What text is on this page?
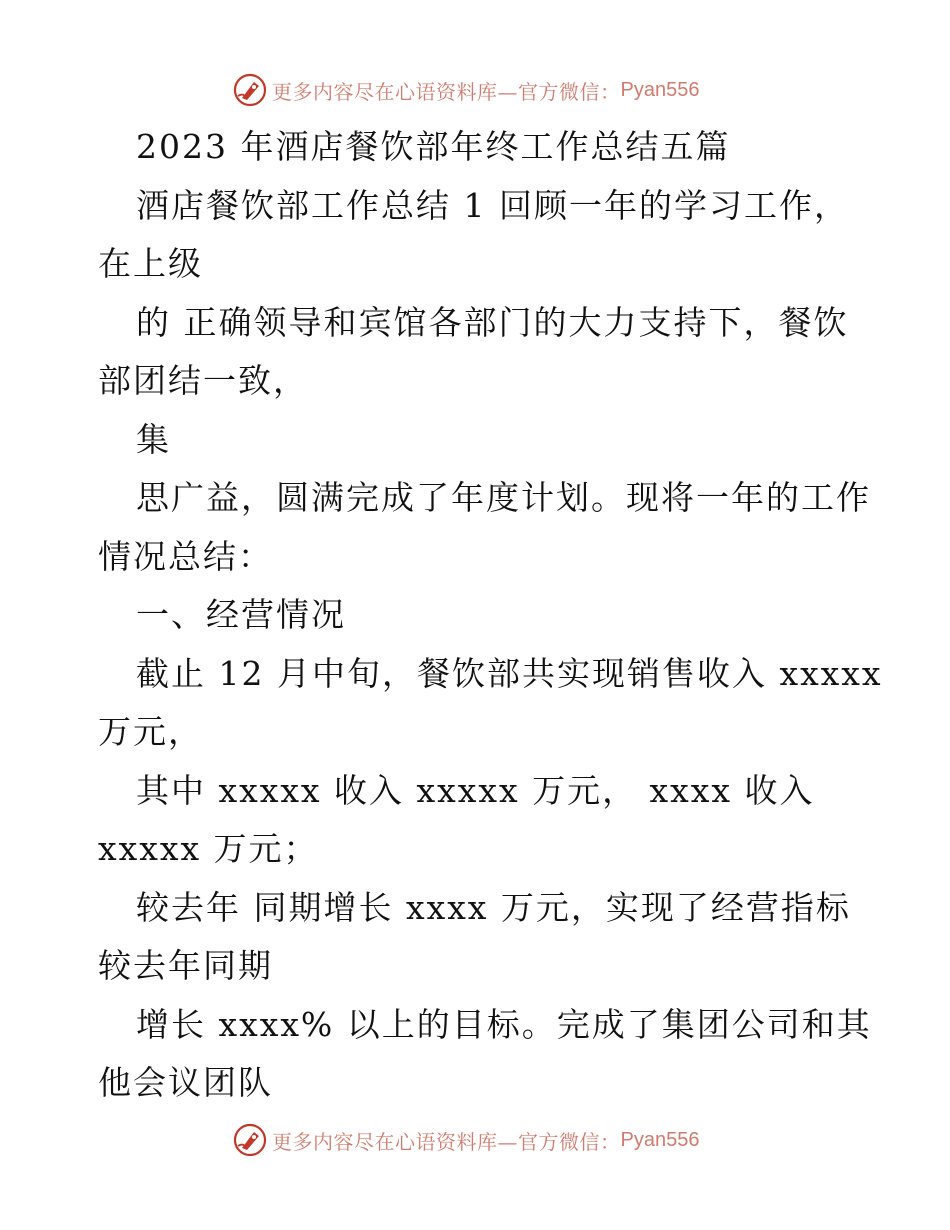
更多内容尽在心语资料库—官方微信： Pyan556
2023 年酒店餐饮部年终工作总结五篇
酒店餐饮部工作总结 1 回顾一年的学习工作，
在上级
的 正确领导和宾馆各部门的大力支持下，餐饮
部团结一致，
集
思广益，圆满完成了年度计划。现将一年的工作
情况总结：
一、经营情况
截止 12 月中旬，餐饮部共实现销售收入 xxxxx
万元，
其中 xxxxx 收入 xxxxx 万元， xxxx 收入
xxxxx 万元；
较去年 同期增长 xxxx 万元，实现了经营指标
较去年同期
增长 xxxx% 以上的目标。完成了集团公司和其
他会议团队
更多内容尽在心语资料库—官方微信： Pyan556
